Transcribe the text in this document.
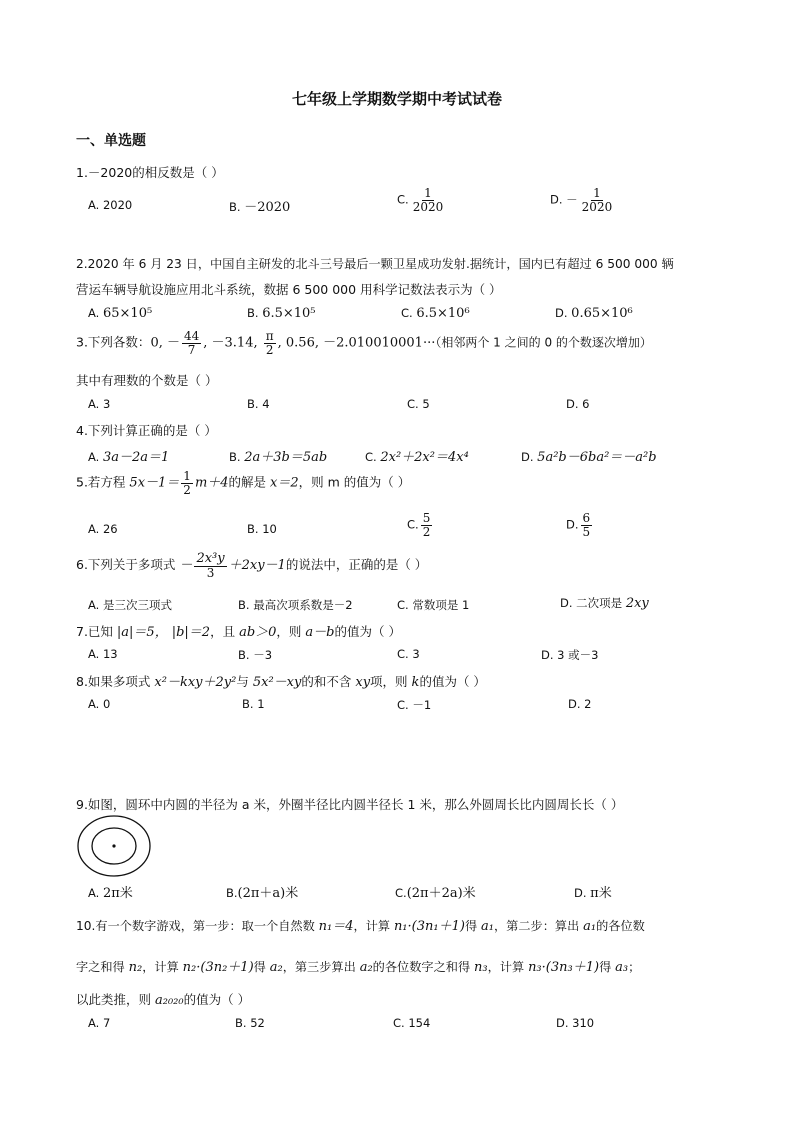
七年级上学期数学期中考试试卷
一、单选题
1.－2020的相反数是（ ）
A. 2020	B. －2020
C. $\frac{1}{2020}$	D. － $\frac{1}{2020}$
2.2020 年 6 月 23 日，中国自主研发的北斗三号最后一颗卫星成功发射.据统计，国内已有超过 6 500 000 辆
营运车辆导航设施应用北斗系统，数据 6 500 000 用科学记数法表示为（ ）
A. 65×10⁵	B. 6.5×10⁵	C. 6.5×10⁶	D. 0.65×10⁶
3.下列各数：0, － $\frac{44}{7}$ , －3.14, $\frac{\pi}{2}$ , 0.56, －2.010010001···（相邻两个 1 之间的 0 的个数逐次增加）
其中有理数的个数是（ ）
A. 3	B. 4	C. 5	D. 6
4.下列计算正确的是（ ）
A. 3a－2a＝1	B. 2a＋3b＝5ab	C. 2x²＋2x²＝4x⁴	D. 5a²b－6ba²＝－a²b
5.若方程 $5x-1= \frac{1}{2} m+4$的解是 x＝2，则 m 的值为（ ）
A. 26	B. 10	C. $\frac{5}{2}$	D. $\frac{6}{5}$
6.下列关于多项式 － $\frac{\text{2x³y}}{3} +2xy-1$的说法中，正确的是（ ）
A. 是三次三项式	B. 最高次项系数是－2	C. 常数项是 1	D. 二次项是 2xy
7.已知 |a|＝5， |b|＝2，且 ab＞0，则 a－b的值为（ ）
A. 13	B. －3	C. 3	D. 3 或－3
8.如果多项式 x²－kxy＋2y²与 5x²－xy的和不含 xy项，则 k的值为（ ）
A. 0	B. 1	C. －1	D. 2
9.如图，圆环中内圆的半径为 a 米，外圈半径比内圆半径长 1 米，那么外圆周长比内圆周长长（ ）
A. 2π米	B.(2π＋a)米	C.(2π＋2a)米	D. π米
10.有一个数字游戏，第一步：取一个自然数 n₁＝4，计算 n₁·(3n₁＋1)得 a₁，第二步：算出 a₁的各位数
字之和得 n₂，计算 n₂·(3n₂＋1)得 a₂，第三步算出 a₂的各位数字之和得 n₃，计算 n₃·(3n₃＋1)得 a₃；
以此类推，则 a₂₀₂₀的值为（ ）
A. 7	B. 52	C. 154	D. 310
